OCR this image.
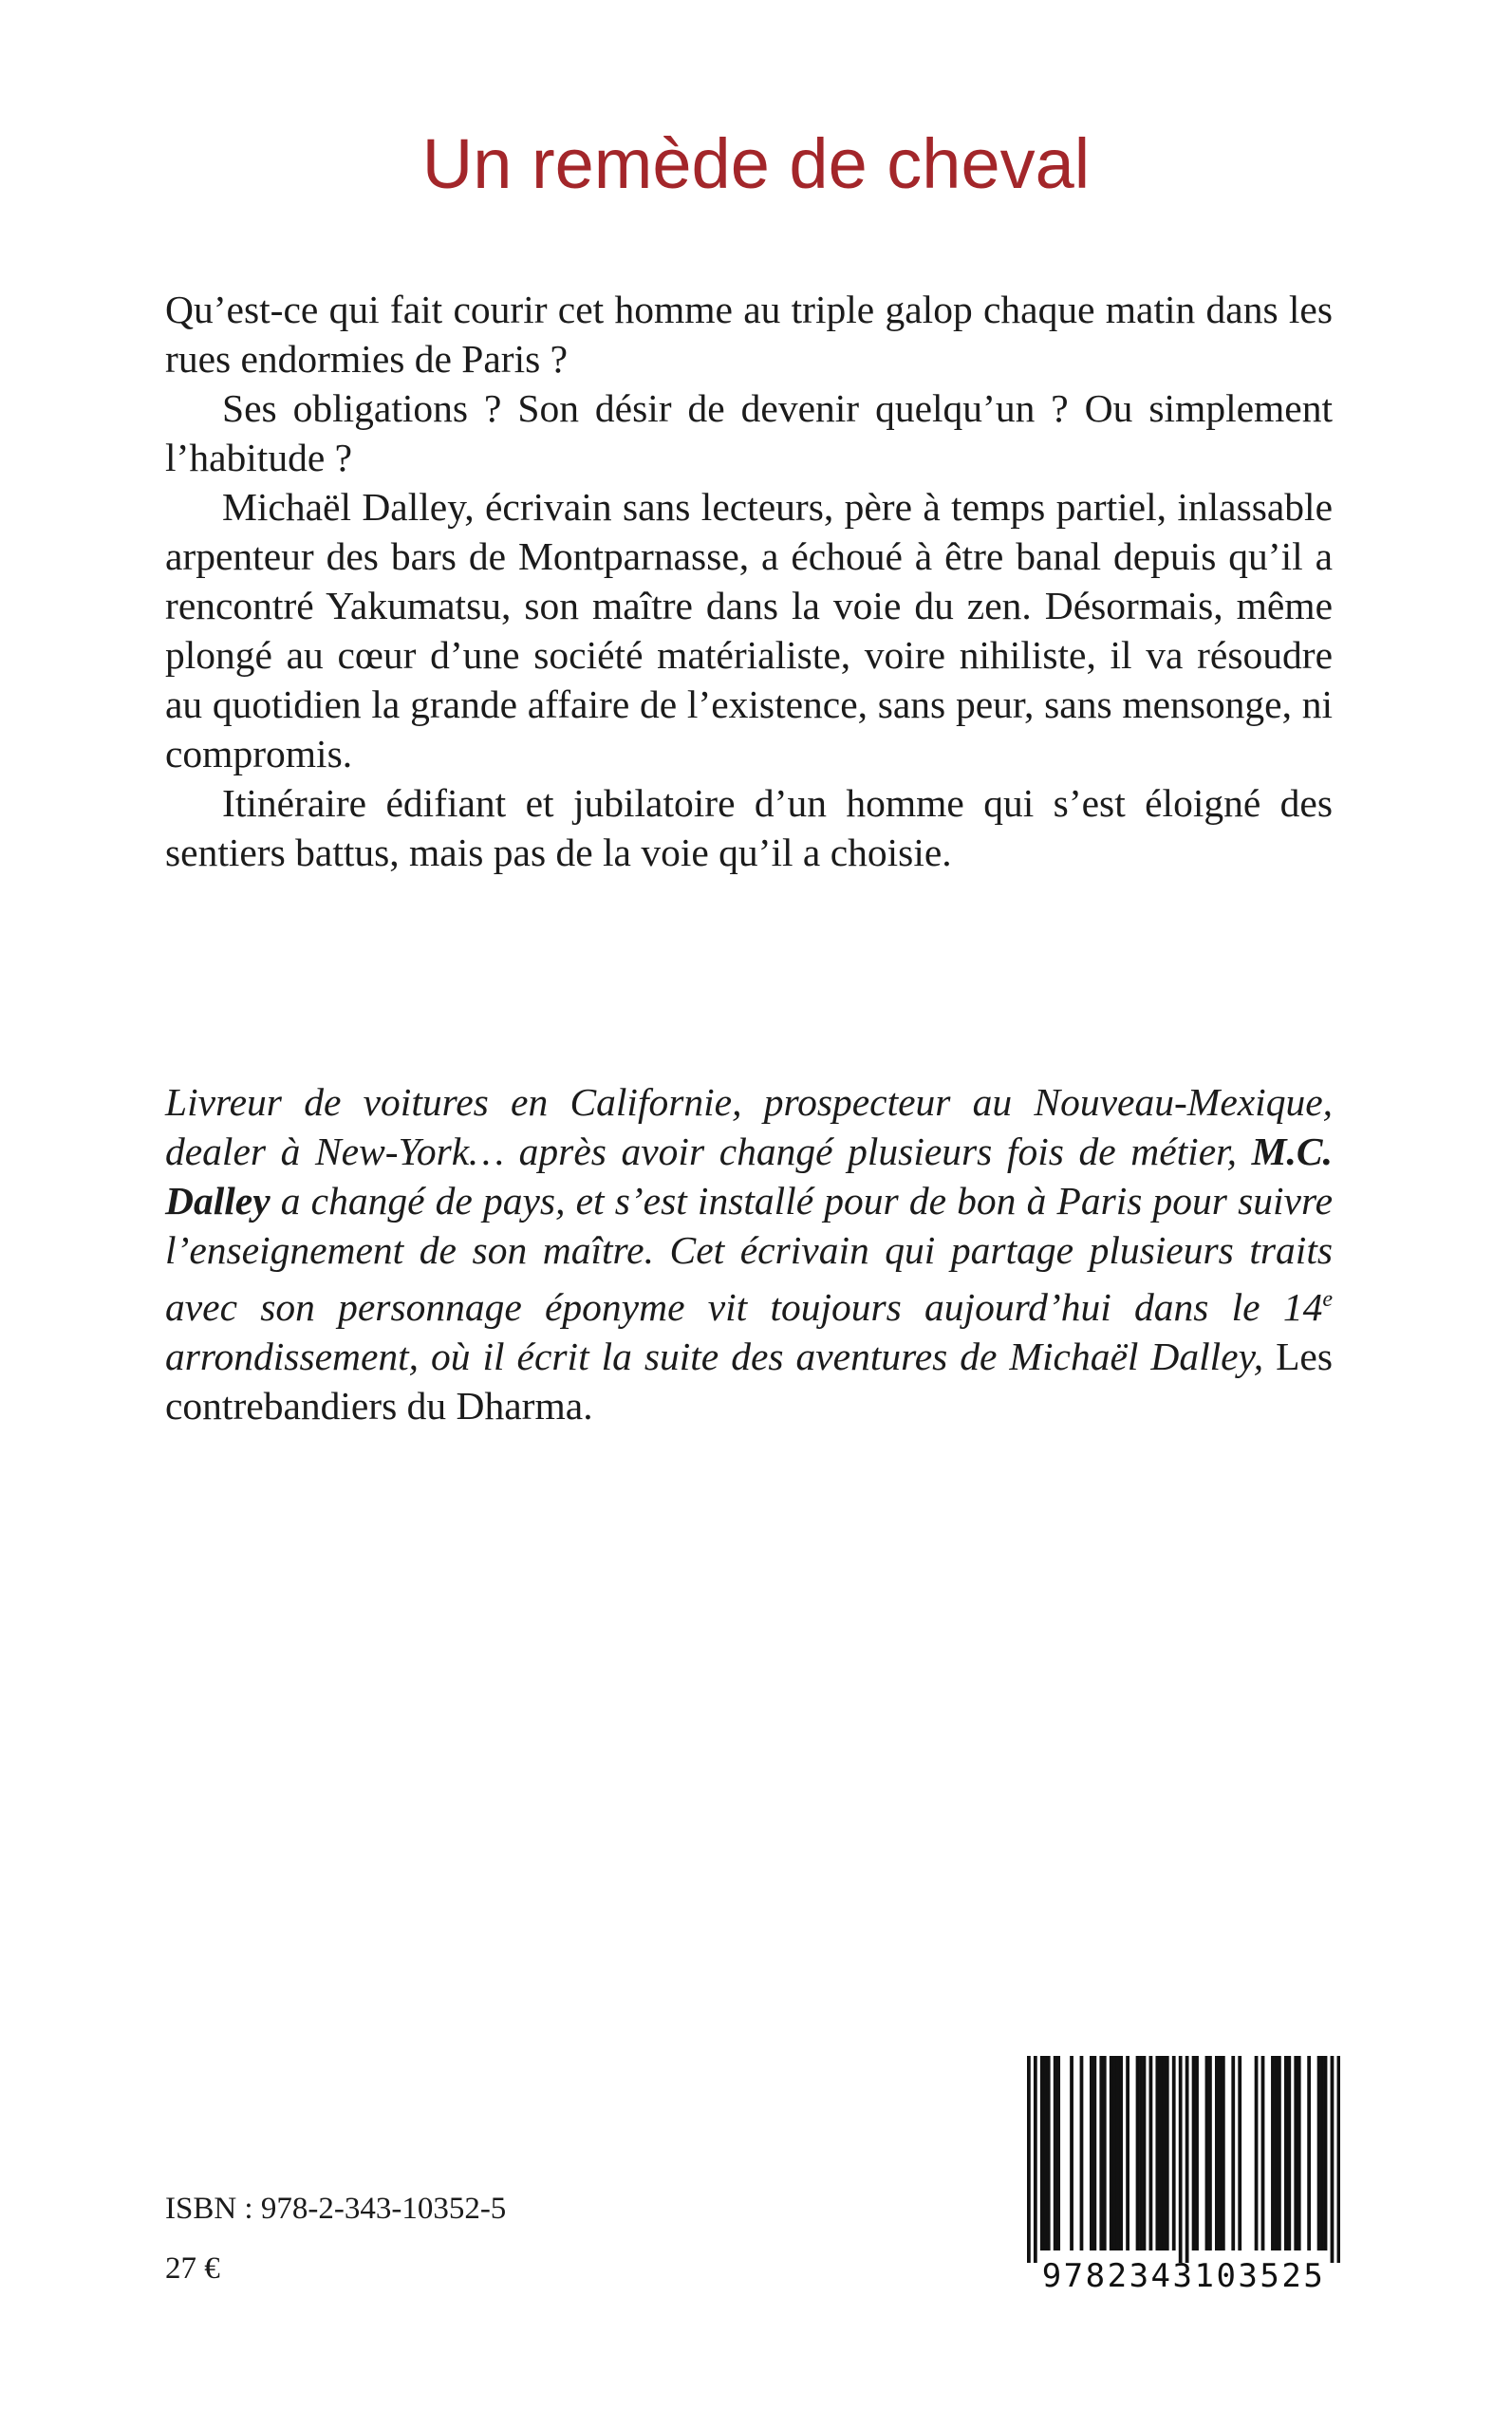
Un remède de cheval

Qu’est-ce qui fait courir cet homme au triple galop chaque matin dans les rues endormies de Paris ?

Ses obligations ? Son désir de devenir quelqu’un ? Ou simplement l’habitude ?

Michaël Dalley, écrivain sans lecteurs, père à temps partiel, inlassable arpenteur des bars de Montparnasse, a échoué à être banal depuis qu’il a rencontré Yakumatsu, son maître dans la voie du zen. Désormais, même plongé au cœur d’une société matérialiste, voire nihiliste, il va résoudre au quotidien la grande affaire de l’existence, sans peur, sans mensonge, ni compromis.

Itinéraire édifiant et jubilatoire d’un homme qui s’est éloigné des sentiers battus, mais pas de la voie qu’il a choisie.

Livreur de voitures en Californie, prospecteur au Nouveau-Mexique, dealer à New-York… après avoir changé plusieurs fois de métier, M.C. Dalley a changé de pays, et s’est installé pour de bon à Paris pour suivre l’enseignement de son maître. Cet écrivain qui partage plusieurs traits avec son personnage éponyme vit toujours aujourd’hui dans le 14e arrondissement, où il écrit la suite des aventures de Michaël Dalley, Les contrebandiers du Dharma.

ISBN : 978-2-343-10352-5
27 €	9782343103525
